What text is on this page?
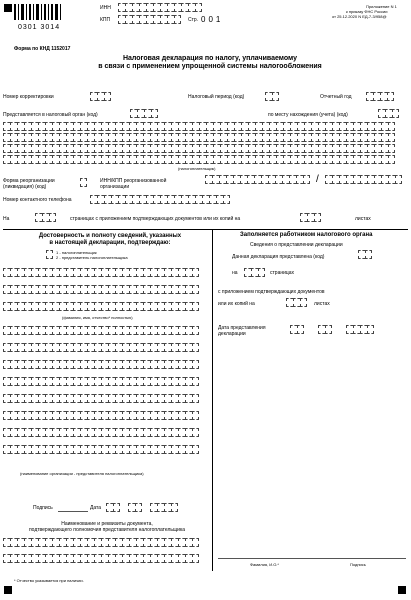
0301 3014
ИНН
КПП	Стр. 001
Приложение N 1
к приказу ФНС России
от 25.12.2020 N ЕД-7-3/958@
Форма по КНД 1152017
Налоговая декларация по налогу, уплачиваемому
в связи с применением упрощенной системы налогообложения
Номер корректировки	Налоговый период (код)	Отчетный год
Представляется в налоговый орган (код)	по месту нахождения (учета) (код)
(налогоплательщик)
Форма реорганизации
(ликвидация) (код)
ИНН/КПП реорганизованной
организации
/
Номер контактного телефона
На	страницах с приложением подтверждающих документов или их копий на	листах
Достоверность и полноту сведений, указанных
в настоящей декларации, подтверждаю:
1 - налогоплательщик
2 - представитель налогоплательщика
(фамилия, имя, отчество* полностью)
(наименование организации - представителя налогоплательщика)
Подпись	Дата
Наименование и реквизиты документа,
подтверждающего полномочия представителя налогоплательщика
* Отчество указывается при наличии.
Заполняется работником налогового органа
Сведения о представлении декларации
Данная декларация представлена (код)
на	страницах
с приложением подтверждающих документов
или их копий на	листах
Дата представления
декларации
Фамилия, И.О.*	Подпись
